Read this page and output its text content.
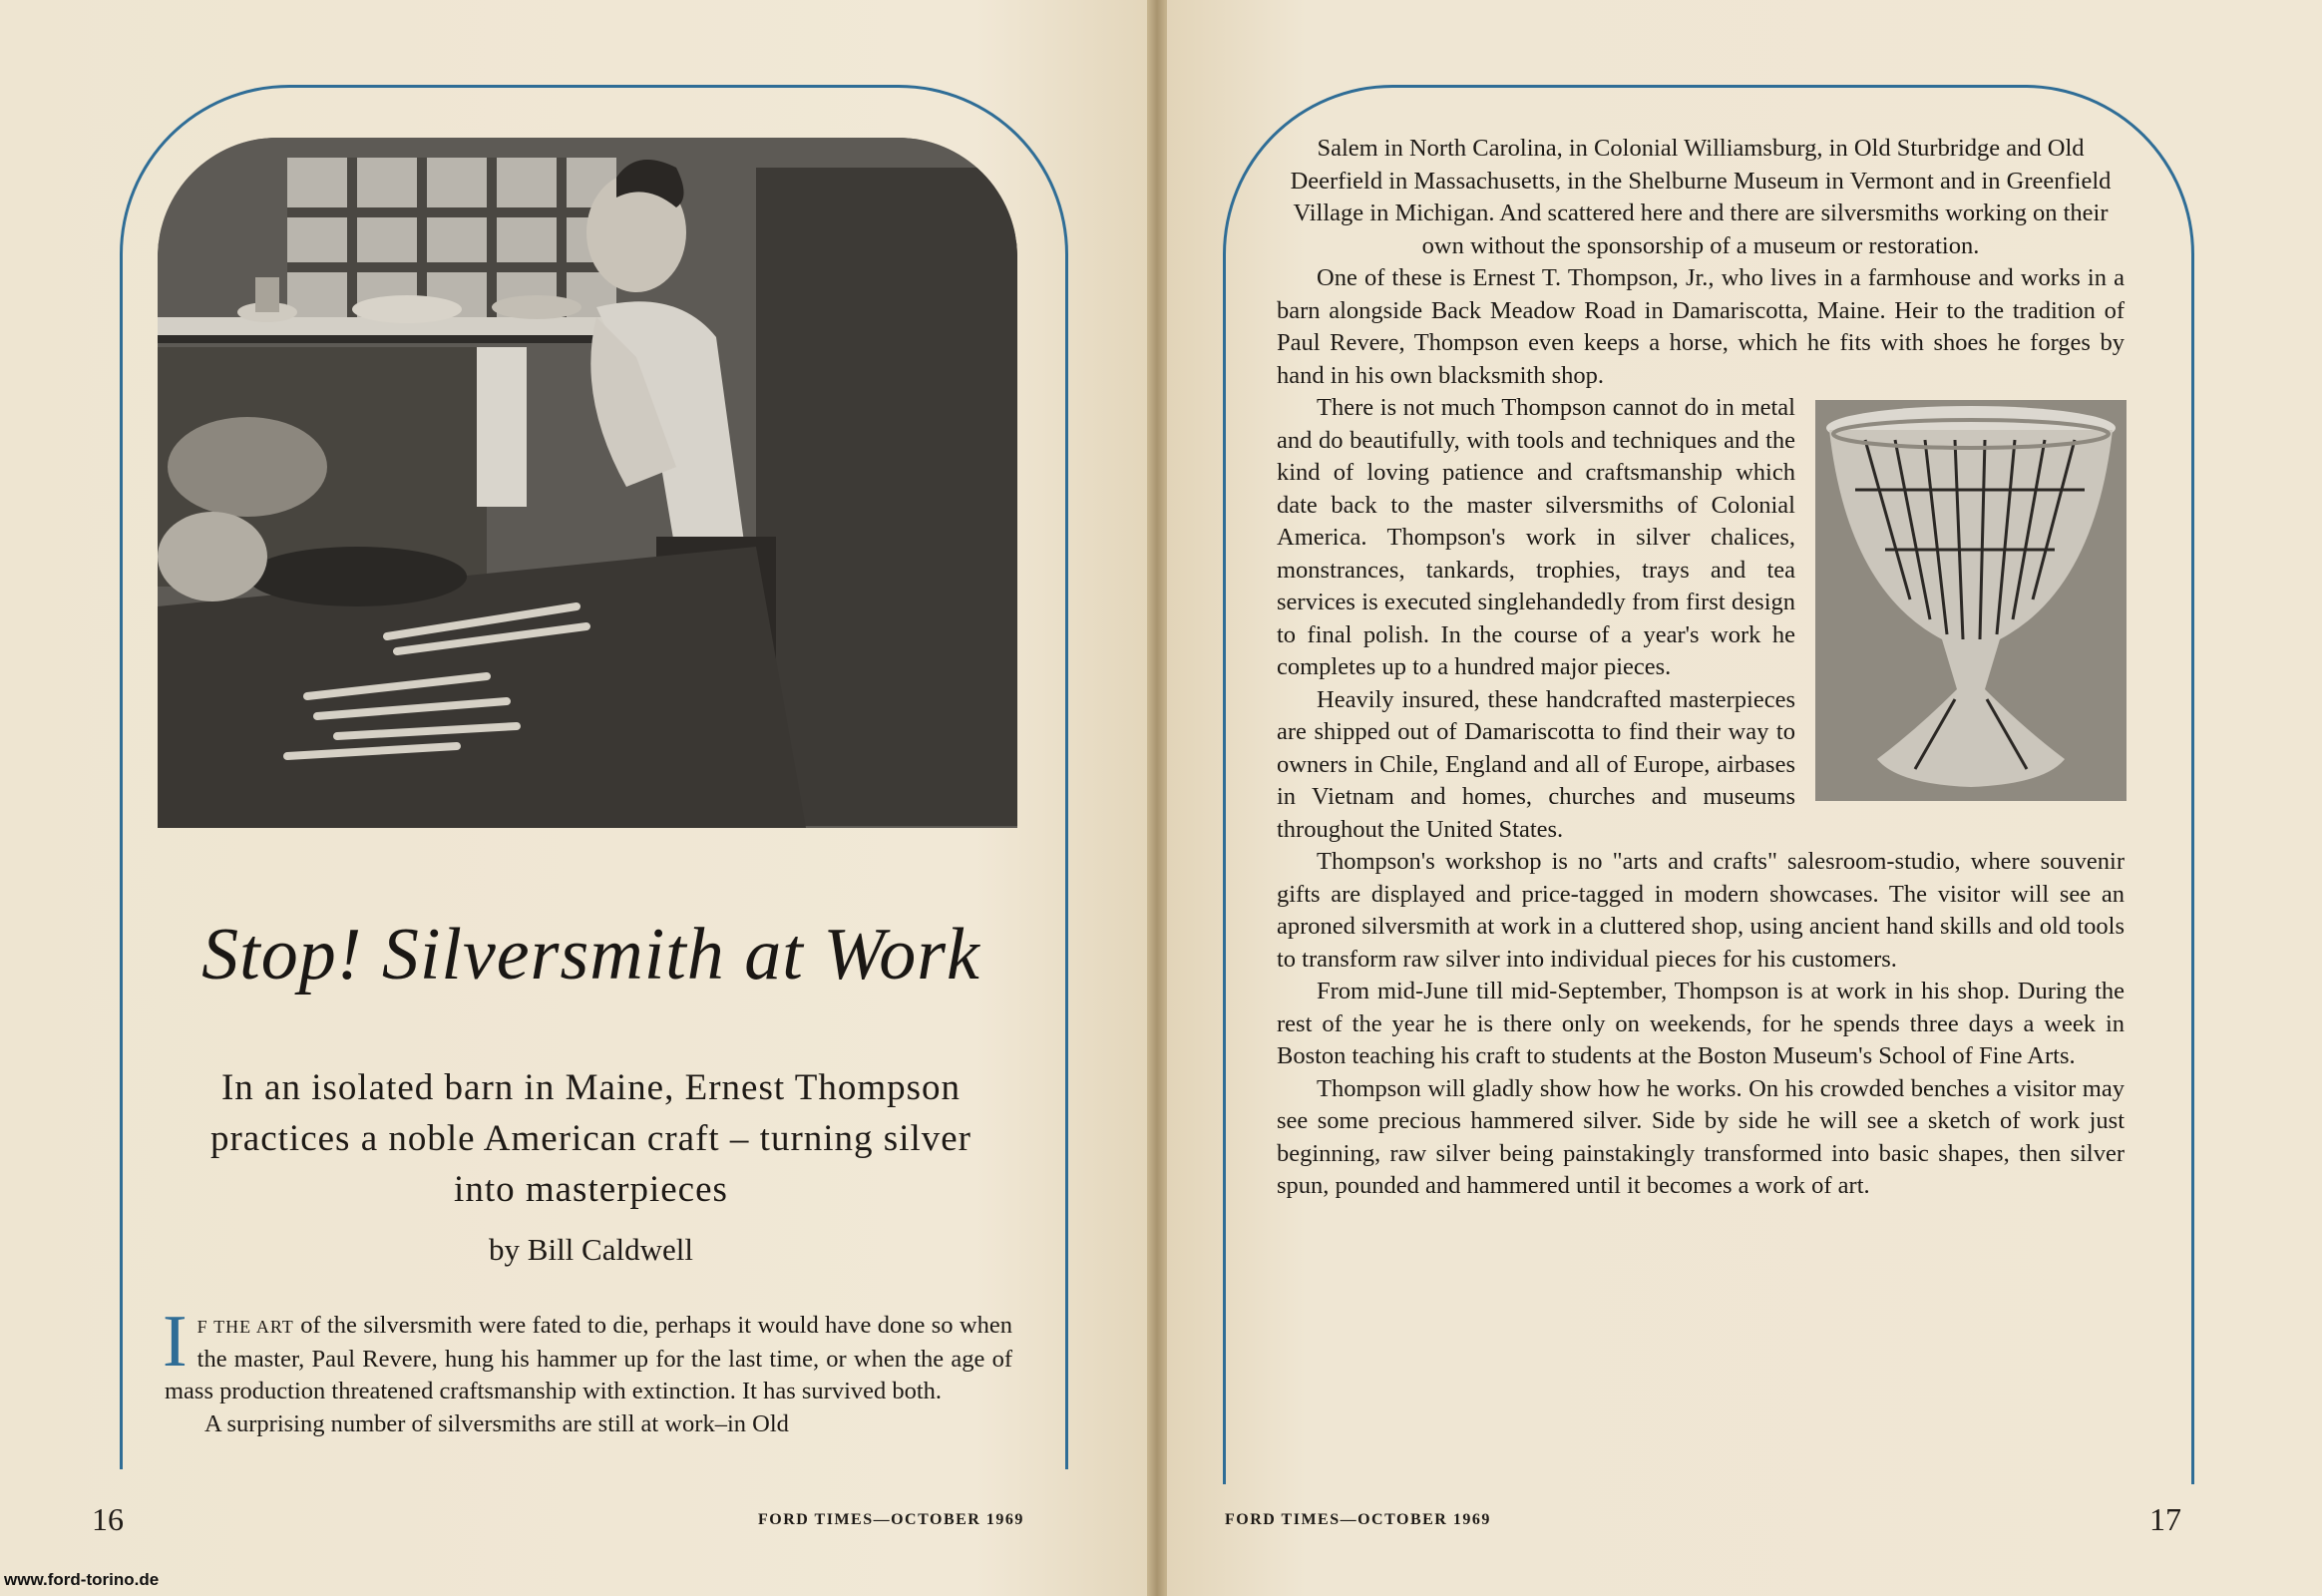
Stop! Silversmith at Work
In an isolated barn in Maine, Ernest Thompson practices a noble American craft – turning silver into masterpieces
by Bill Caldwell

I F THE ART of the silversmith were fated to die, perhaps it would have done so when the master, Paul Revere, hung his hammer up for the last time, or when the age of mass production threatened craftsmanship with extinction. It has survived both.

A surprising number of silversmiths are still at work–in Old

16	FORD TIMES—OCTOBER 1969

Salem in North Carolina, in Colonial Williamsburg, in Old Sturbridge and Old Deerfield in Massachusetts, in the Shelburne Museum in Vermont and in Greenfield Village in Michigan. And scattered here and there are silversmiths working on their own without the sponsorship of a museum or restoration.

One of these is Ernest T. Thompson, Jr., who lives in a farmhouse and works in a barn alongside Back Meadow Road in Damariscotta, Maine. Heir to the tradition of Paul Revere, Thompson even keeps a horse, which he fits with shoes he forges by hand in his own blacksmith shop.

There is not much Thompson cannot do in metal and do beautifully, with tools and techniques and the kind of loving patience and craftsmanship which date back to the master silversmiths of Colonial America. Thompson's work in silver chalices, monstrances, tankards, trophies, trays and tea services is executed singlehandedly from first design to final polish. In the course of a year's work he completes up to a hundred major pieces.

Heavily insured, these handcrafted masterpieces are shipped out of Damariscotta to find their way to owners in Chile, England and all of Europe, airbases in Vietnam and homes, churches and museums throughout the United States.

Thompson's workshop is no "arts and crafts" salesroom-studio, where souvenir gifts are displayed and price-tagged in modern showcases. The visitor will see an aproned silversmith at work in a cluttered shop, using ancient hand skills and old tools to transform raw silver into individual pieces for his customers.

From mid-June till mid-September, Thompson is at work in his shop. During the rest of the year he is there only on weekends, for he spends three days a week in Boston teaching his craft to students at the Boston Museum's School of Fine Arts.

Thompson will gladly show how he works. On his crowded benches a visitor may see some precious hammered silver. Side by side he will see a sketch of work just beginning, raw silver being painstakingly transformed into basic shapes, then silver spun, pounded and hammered until it becomes a work of art.

FORD TIMES—OCTOBER 1969	17
www.ford-torino.de
